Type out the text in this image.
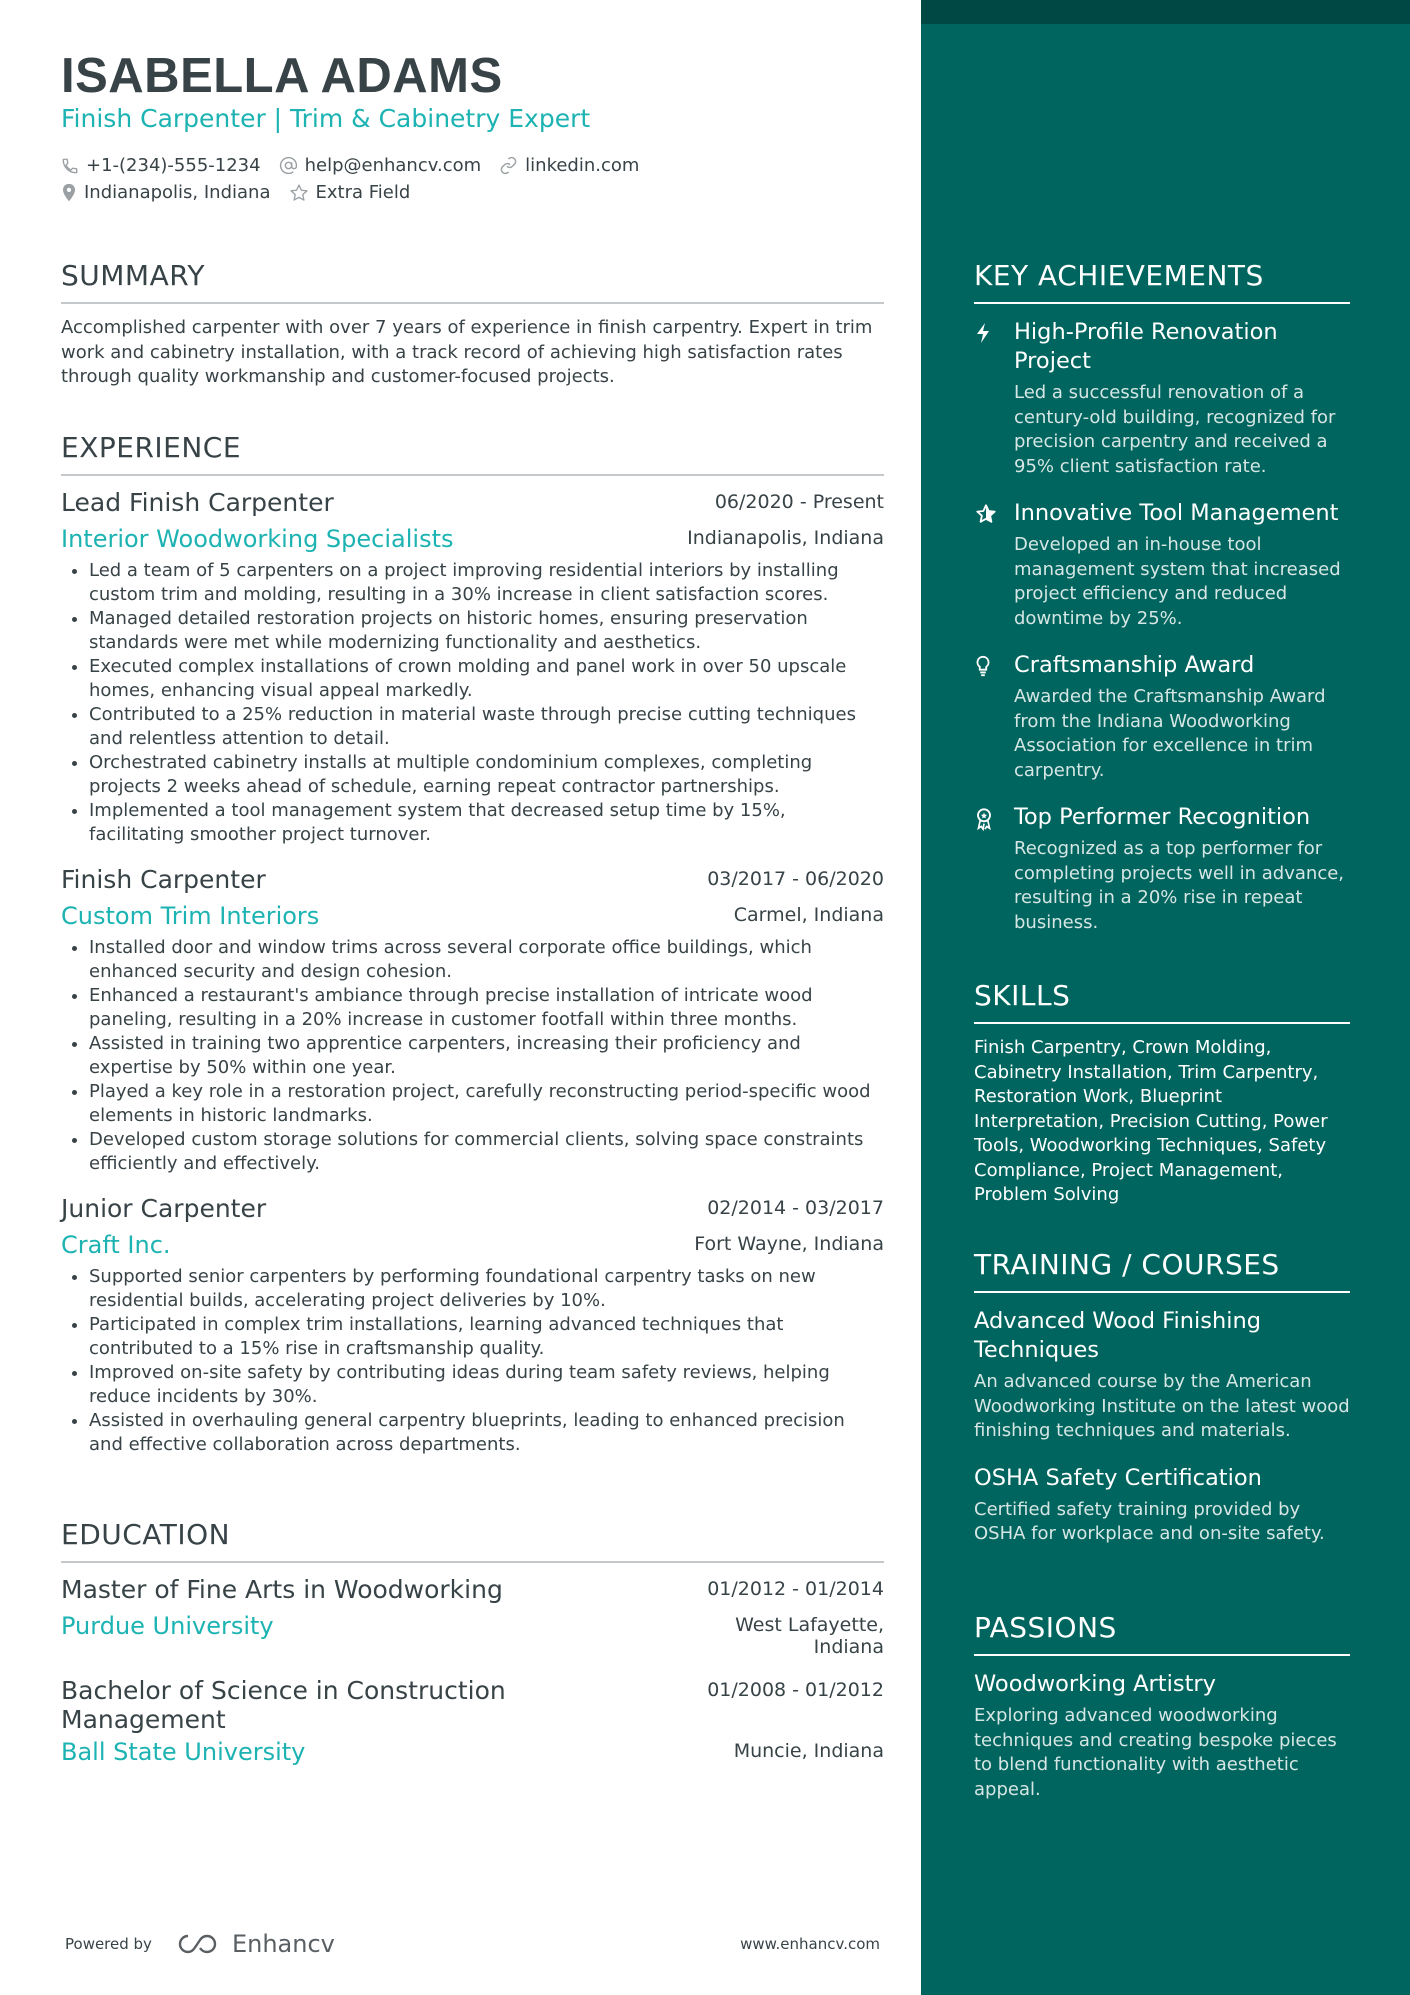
ISABELLA ADAMS
Finish Carpenter | Trim & Cabinetry Expert
+1-(234)-555-1234 help@enhancv.com linkedin.com
Indianapolis, Indiana	Extra Field
SUMMARY
Accomplished carpenter with over 7 years of experience in finish carpentry. Expert in trim work and cabinetry installation, with a track record of achieving high satisfaction rates through quality workmanship and customer-focused projects.
EXPERIENCE
Lead Finish Carpenter	06/2020 - Present
Interior Woodworking Specialists	Indianapolis, Indiana
• Led a team of 5 carpenters on a project improving residential interiors by installing custom trim and molding, resulting in a 30% increase in client satisfaction scores.
• Managed detailed restoration projects on historic homes, ensuring preservation standards were met while modernizing functionality and aesthetics.
• Executed complex installations of crown molding and panel work in over 50 upscale homes, enhancing visual appeal markedly.
• Contributed to a 25% reduction in material waste through precise cutting techniques and relentless attention to detail.
• Orchestrated cabinetry installs at multiple condominium complexes, completing projects 2 weeks ahead of schedule, earning repeat contractor partnerships.
• Implemented a tool management system that decreased setup time by 15%, facilitating smoother project turnover.
Finish Carpenter	03/2017 - 06/2020
Custom Trim Interiors	Carmel, Indiana
• Installed door and window trims across several corporate office buildings, which enhanced security and design cohesion.
• Enhanced a restaurant's ambiance through precise installation of intricate wood paneling, resulting in a 20% increase in customer footfall within three months.
• Assisted in training two apprentice carpenters, increasing their proficiency and expertise by 50% within one year.
• Played a key role in a restoration project, carefully reconstructing period-specific wood elements in historic landmarks.
• Developed custom storage solutions for commercial clients, solving space constraints efficiently and effectively.
Junior Carpenter	02/2014 - 03/2017
Craft Inc.	Fort Wayne, Indiana
• Supported senior carpenters by performing foundational carpentry tasks on new residential builds, accelerating project deliveries by 10%.
• Participated in complex trim installations, learning advanced techniques that contributed to a 15% rise in craftsmanship quality.
• Improved on-site safety by contributing ideas during team safety reviews, helping reduce incidents by 30%.
• Assisted in overhauling general carpentry blueprints, leading to enhanced precision and effective collaboration across departments.
EDUCATION
Master of Fine Arts in Woodworking	01/2012 - 01/2014
Purdue University	West Lafayette,
Indiana
Bachelor of Science in Construction Management
01/2008 - 01/2012
Ball State University	Muncie, Indiana
Powered by	Enhancv	www.enhancv.com
KEY ACHIEVEMENTS
High-Profile Renovation Project
Led a successful renovation of a century-old building, recognized for precision carpentry and received a 95% client satisfaction rate.
Innovative Tool Management
Developed an in-house tool management system that increased project efficiency and reduced downtime by 25%.
Craftsmanship Award
Awarded the Craftsmanship Award from the Indiana Woodworking Association for excellence in trim carpentry.
Top Performer Recognition
Recognized as a top performer for completing projects well in advance, resulting in a 20% rise in repeat business.
SKILLS
Finish Carpentry, Crown Molding, Cabinetry Installation, Trim Carpentry, Restoration Work, Blueprint Interpretation, Precision Cutting, Power Tools, Woodworking Techniques, Safety Compliance, Project Management, Problem Solving
TRAINING / COURSES
Advanced Wood Finishing Techniques
An advanced course by the American Woodworking Institute on the latest wood finishing techniques and materials.
OSHA Safety Certification
Certified safety training provided by OSHA for workplace and on-site safety.
PASSIONS
Woodworking Artistry
Exploring advanced woodworking techniques and creating bespoke pieces to blend functionality with aesthetic appeal.
